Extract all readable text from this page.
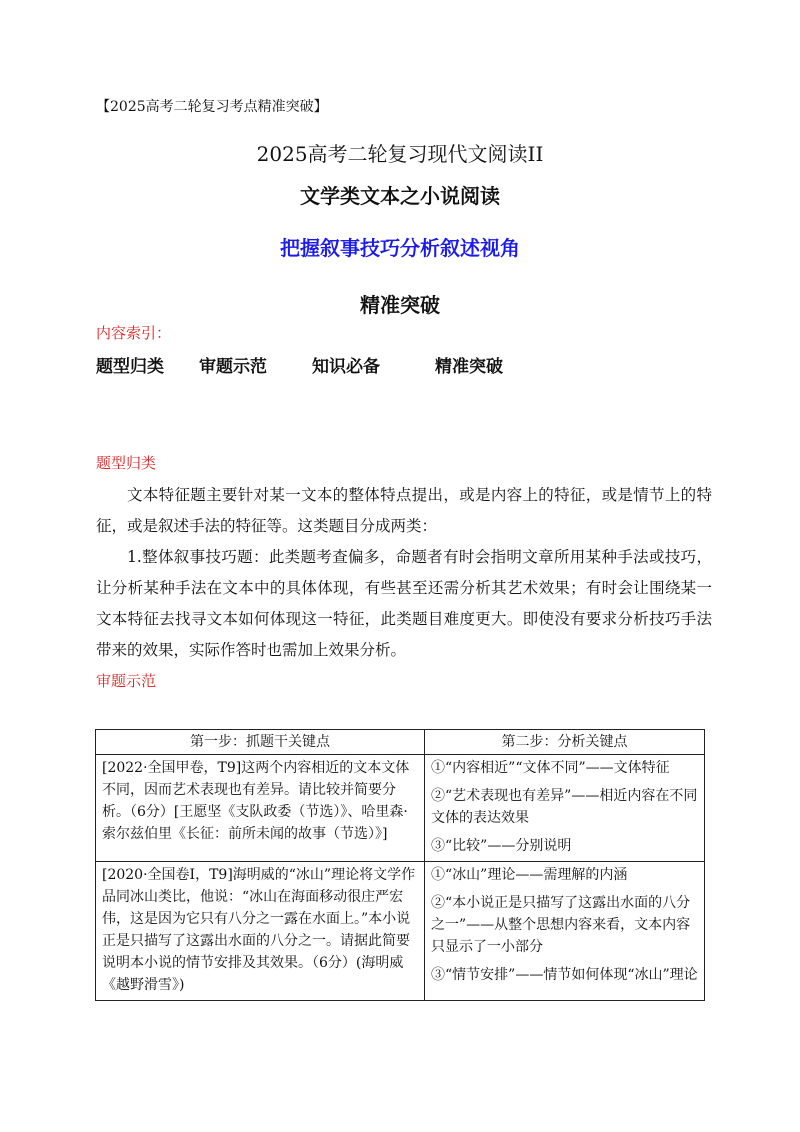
【2025高考二轮复习考点精准突破】
2025高考二轮复习现代文阅读II
文学类文本之小说阅读
把握叙事技巧分析叙述视角
精准突破
内容索引：
题型归类 审题示范	知识必备	精准突破
题型归类
文本特征题主要针对某一文本的整体特点提出，或是内容上的特征，或是情节上的特征，或是叙述手法的特征等。这类题目分成两类：
1.整体叙事技巧题：此类题考查偏多，命题者有时会指明文章所用某种手法或技巧，让分析某种手法在文本中的具体体现，有些甚至还需分析其艺术效果；有时会让围绕某一文本特征去找寻文本如何体现这一特征，此类题目难度更大。即使没有要求分析技巧手法带来的效果，实际作答时也需加上效果分析。
审题示范
第一步：抓题干关键点	第二步：分析关键点
[2022·全国甲卷，T9]这两个内容相近的文本文体不同，因而艺术表现也有差异。请比较并简要分析。（6分）[王愿坚《支队政委（节选）》、哈里森·索尔兹伯里《长征：前所未闻的故事（节选）》]	①“内容相近”“文体不同”——文体特征

②“艺术表现也有差异”——相近内容在不同文体的表达效果

③“比较”——分别说明

[2020·全国卷Ⅰ，T9]海明威的“冰山”理论将文学作品同冰山类比，他说：“冰山在海面移动很庄严宏伟，这是因为它只有八分之一露在水面上。”本小说正是只描写了这露出水面的八分之一。请据此简要说明本小说的情节安排及其效果。（6分）(海明威《越野滑雪》)	①“冰山”理论——需理解的内涵

②“本小说正是只描写了这露出水面的八分之一”——从整个思想内容来看，文本内容只显示了一小部分

③“情节安排”——情节如何体现“冰山”理论
